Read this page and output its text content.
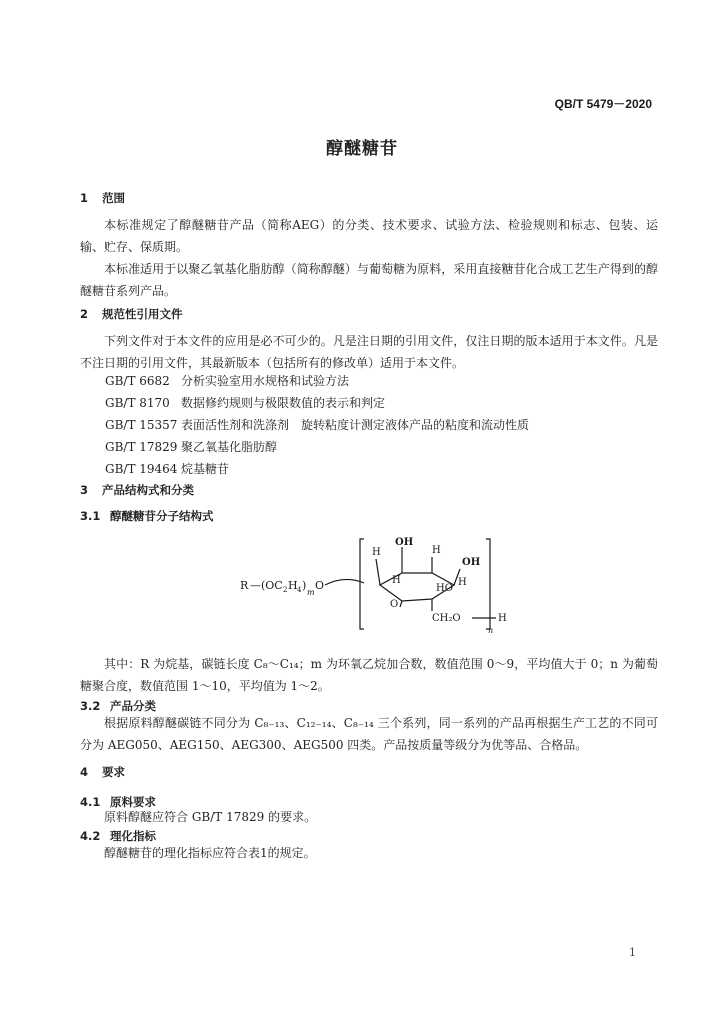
QB/T 5479－2020
醇醚糖苷
1 范围
本标准规定了醇醚糖苷产品（简称AEG）的分类、技术要求、试验方法、检验规则和标志、包装、运输、贮存、保质期。
本标准适用于以聚乙氧基化脂肪醇（简称醇醚）与葡萄糖为原料，采用直接糖苷化合成工艺生产得到的醇醚糖苷系列产品。
2 规范性引用文件
下列文件对于本文件的应用是必不可少的。凡是注日期的引用文件，仅注日期的版本适用于本文件。凡是不注日期的引用文件，其最新版本（包括所有的修改单）适用于本文件。
GB/T 6682 分析实验室用水规格和试验方法
GB/T 8170 数据修约规则与极限数值的表示和判定
GB/T 15357 表面活性剂和洗涤剂　旋转粘度计测定液体产品的粘度和流动性质
GB/T 17829 聚乙氧基化脂肪醇
GB/T 19464 烷基糖苷
3 产品结构式和分类
3.1 醇醚糖苷分子结构式
R —(OC 2 H 4 )
m
O
OH
OH
H
H
H	H
HO
O
CH₂O	H
n
其中：R 为烷基，碳链长度 C₈～C₁₄；m 为环氧乙烷加合数，数值范围 0～9，平均值大于 0；n 为葡萄糖聚合度，数值范围 1～10，平均值为 1～2。
3.2 产品分类
根据原料醇醚碳链不同分为 C₈₋₁₃、C₁₂₋₁₄、C₈₋₁₄ 三个系列，同一系列的产品再根据生产工艺的不同可分为 AEG050、AEG150、AEG300、AEG500 四类。产品按质量等级分为优等品、合格品。
4 要求
4.1 原料要求
原料醇醚应符合 GB/T 17829 的要求。
4.2 理化指标
醇醚糖苷的理化指标应符合表1的规定。
1
